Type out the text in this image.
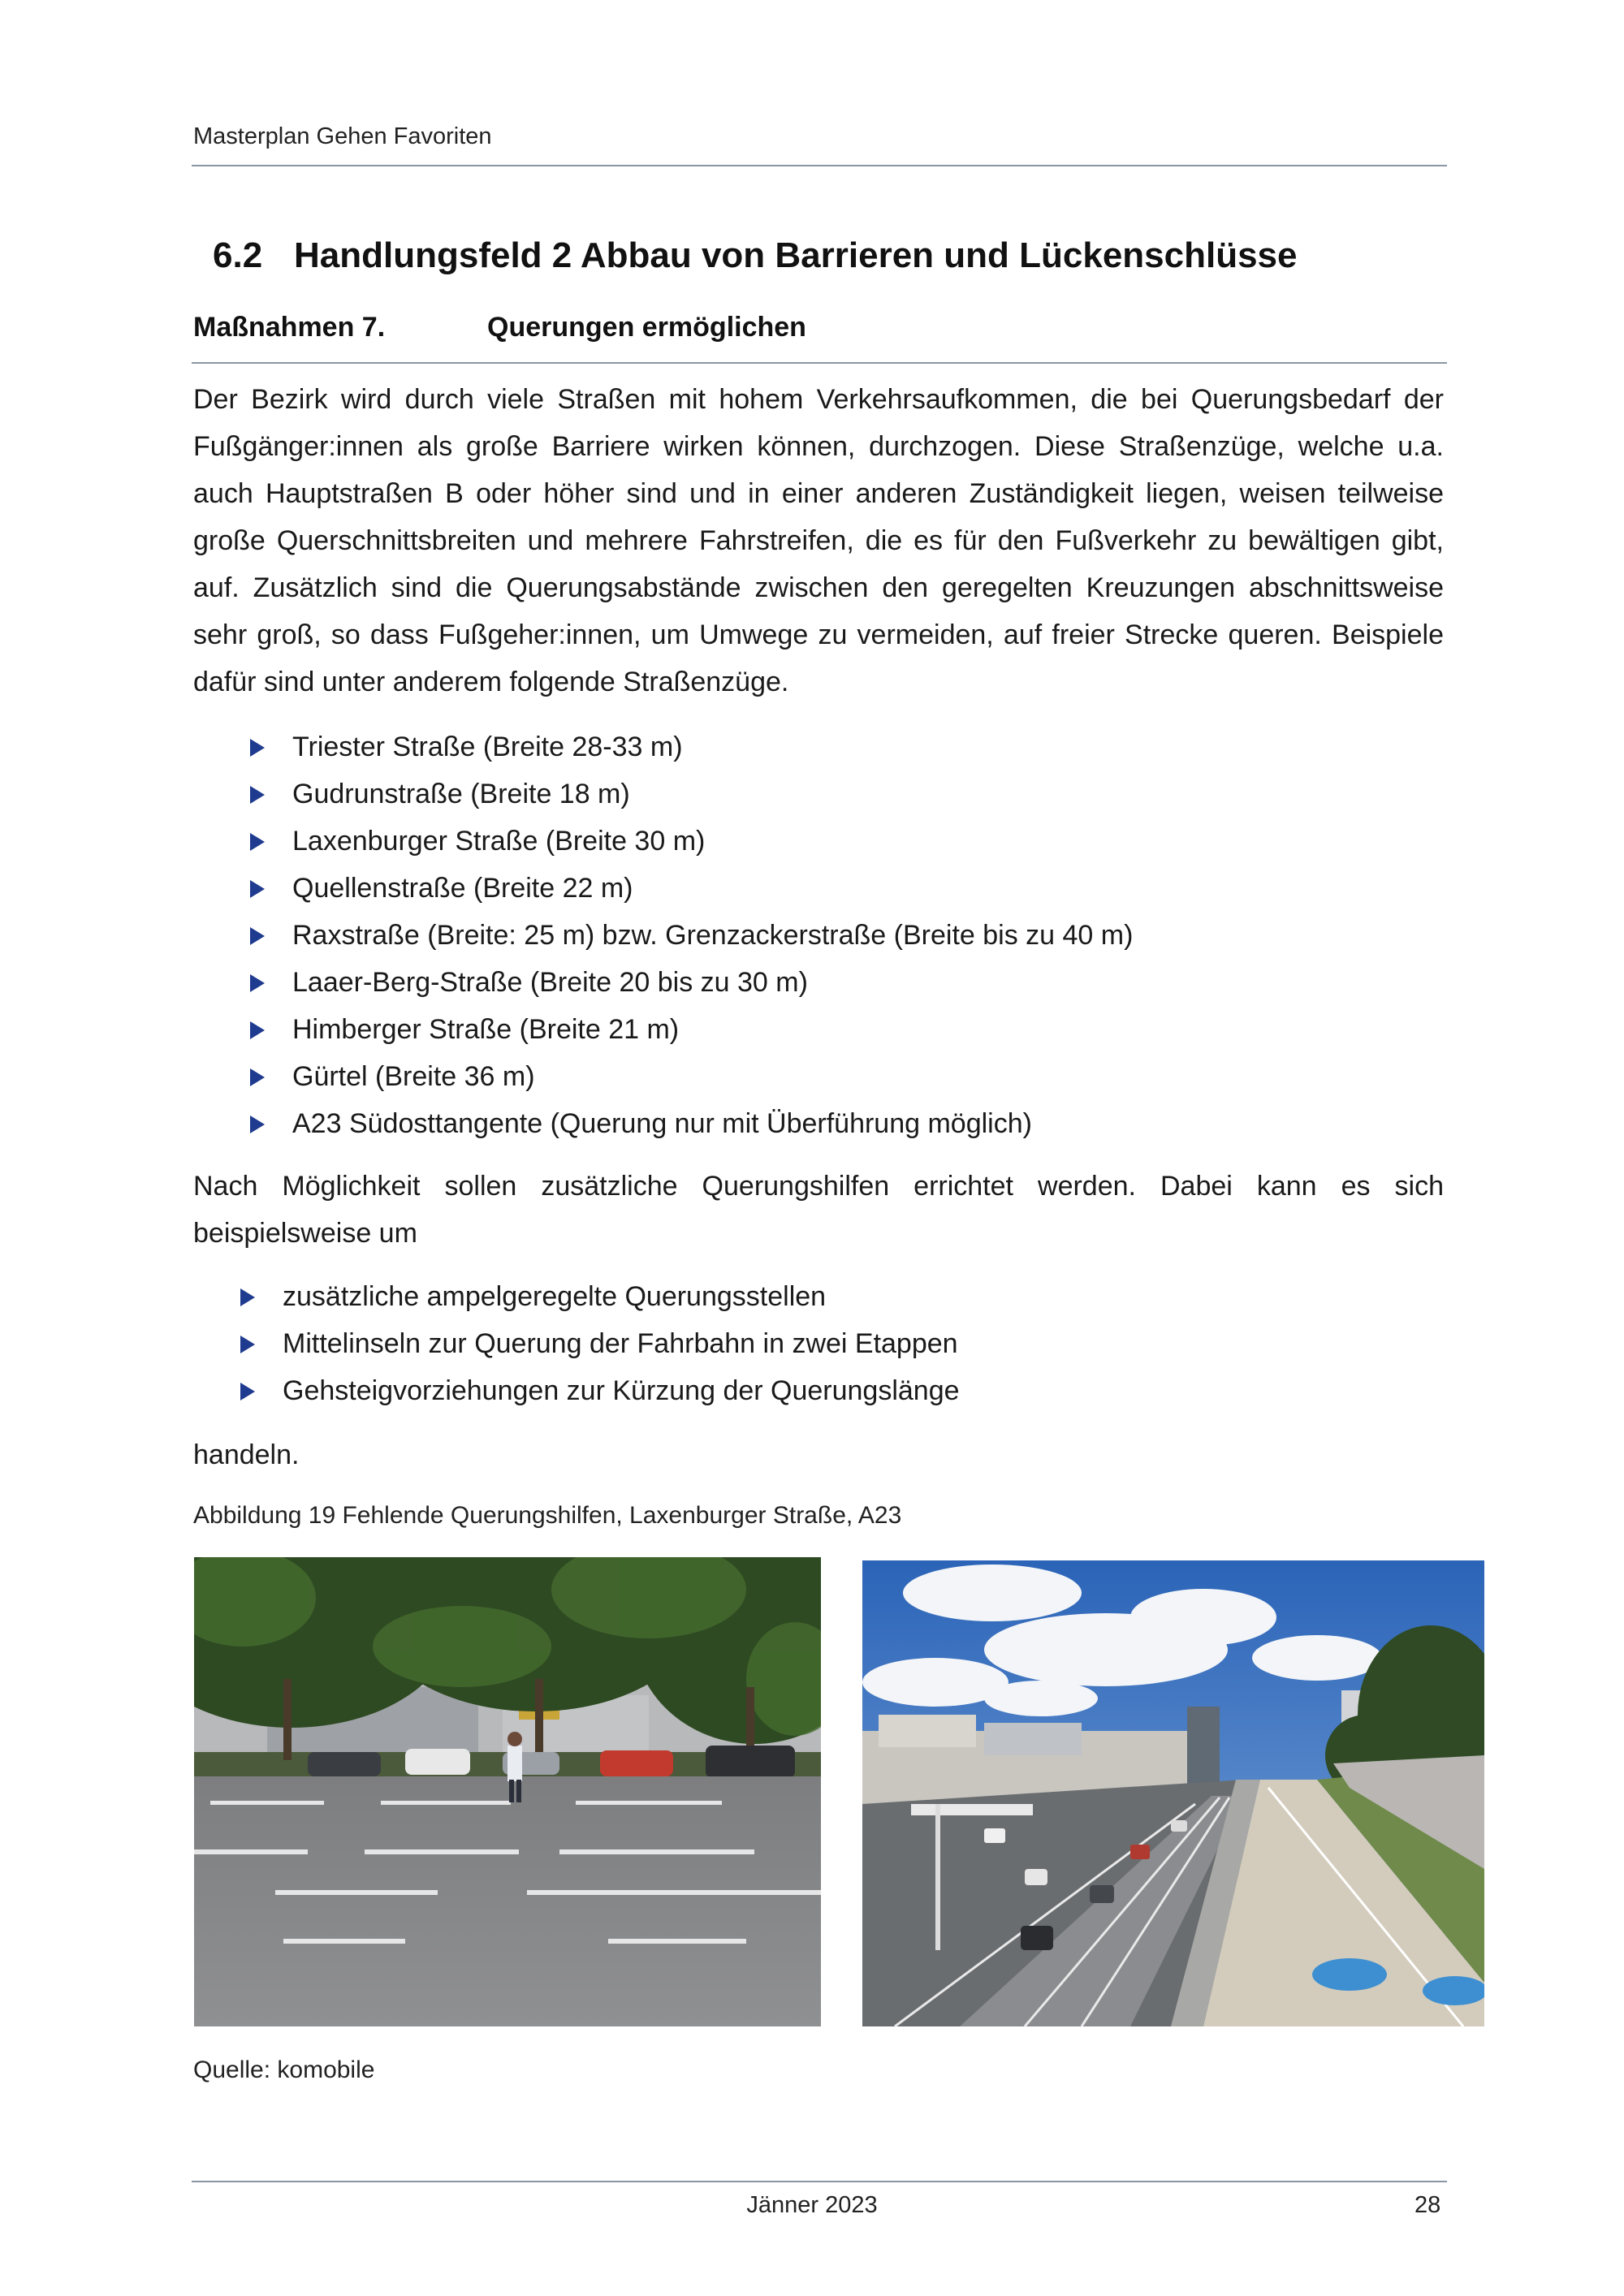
Masterplan Gehen Favoriten
6.2 Handlungsfeld 2 Abbau von Barrieren und Lückenschlüsse
Maßnahmen 7.	Querungen ermöglichen
Der Bezirk wird durch viele Straßen mit hohem Verkehrsaufkommen, die bei Querungsbedarf der Fußgänger:innen als große Barriere wirken können, durchzogen. Diese Straßenzüge, welche u.a. auch Hauptstraßen B oder höher sind und in einer anderen Zuständigkeit liegen, weisen teilweise große Querschnittsbreiten und mehrere Fahrstreifen, die es für den Fußverkehr zu bewältigen gibt, auf. Zusätzlich sind die Querungsabstände zwischen den geregelten Kreuzungen abschnittsweise sehr groß, so dass Fußgeher:innen, um Umwege zu vermeiden, auf freier Strecke queren. Beispiele dafür sind unter anderem folgende Straßenzüge.
Triester Straße (Breite 28-33 m)
Gudrunstraße (Breite 18 m)
Laxenburger Straße (Breite 30 m)
Quellenstraße (Breite 22 m)
Raxstraße (Breite: 25 m) bzw. Grenzackerstraße (Breite bis zu 40 m)
Laaer-Berg-Straße (Breite 20 bis zu 30 m)
Himberger Straße (Breite 21 m)
Gürtel (Breite 36 m)
A23 Südosttangente (Querung nur mit Überführung möglich)
Nach Möglichkeit sollen zusätzliche Querungshilfen errichtet werden. Dabei kann es sich beispielsweise um
zusätzliche ampelgeregelte Querungsstellen
Mittelinseln zur Querung der Fahrbahn in zwei Etappen
Gehsteigvorziehungen zur Kürzung der Querungslänge
handeln.
Abbildung 19 Fehlende Querungshilfen, Laxenburger Straße, A23
Quelle: komobile
Jänner 2023	28
